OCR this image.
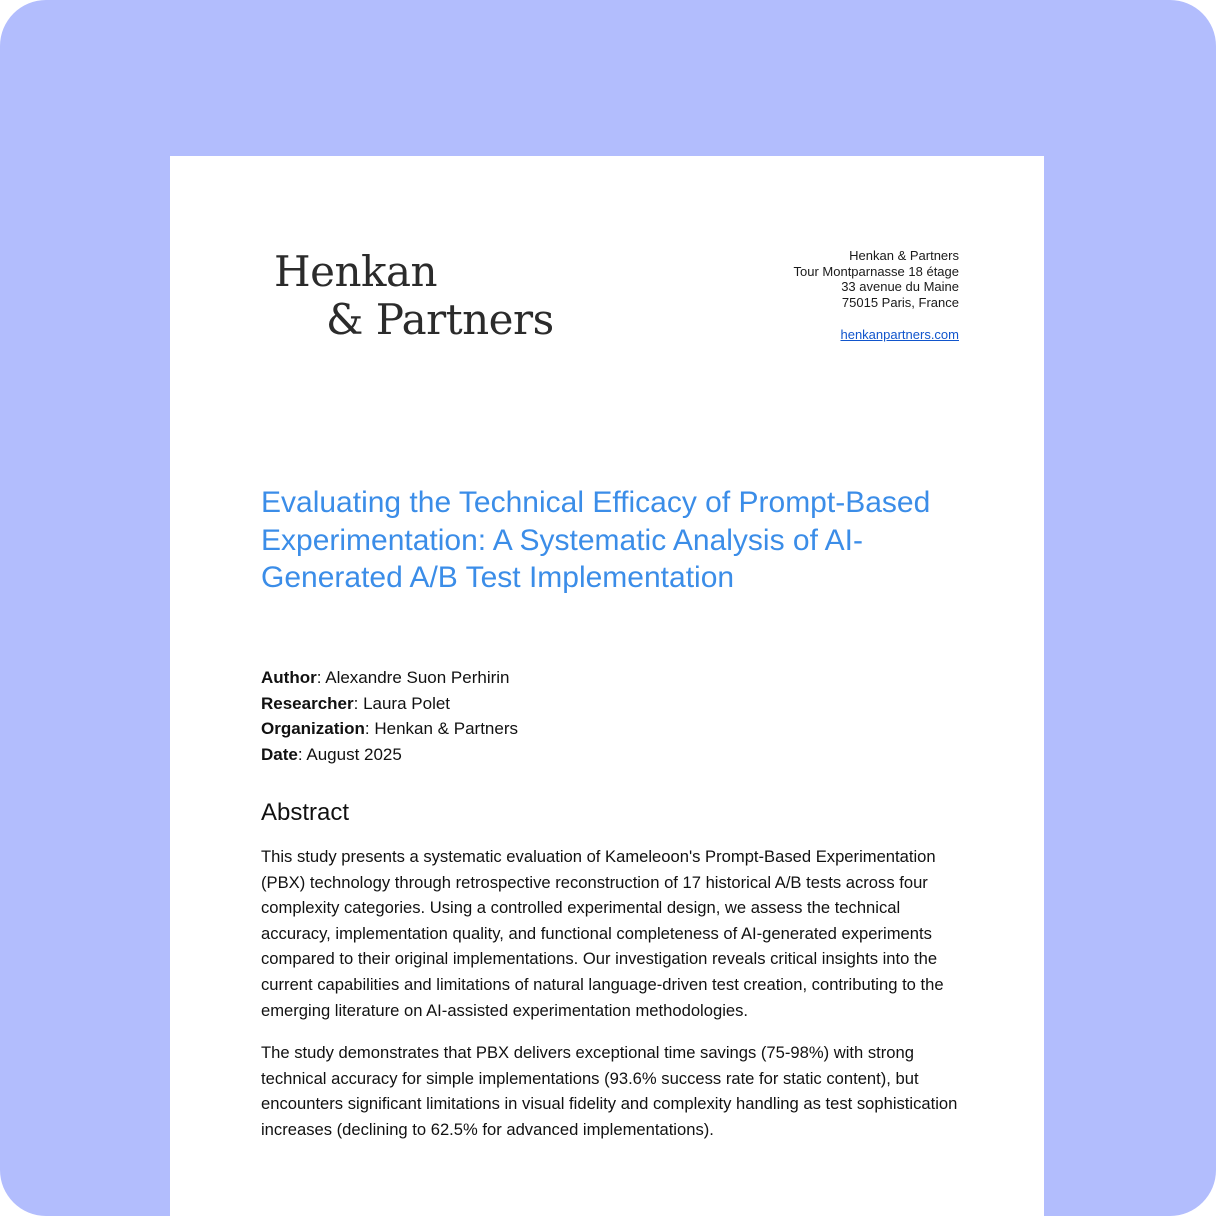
Henkan
& Partners
Henkan & Partners
Tour Montparnasse 18 étage
33 avenue du Maine
75015 Paris, France
henkanpartners.com
Evaluating the Technical Efficacy of Prompt-Based Experimentation: A Systematic Analysis of AI-Generated A/B Test Implementation
Author: Alexandre Suon Perhirin
Researcher: Laura Polet
Organization: Henkan & Partners
Date: August 2025
Abstract

This study presents a systematic evaluation of Kameleoon's Prompt-Based Experimentation (PBX) technology through retrospective reconstruction of 17 historical A/B tests across four complexity categories. Using a controlled experimental design, we assess the technical accuracy, implementation quality, and functional completeness of AI-generated experiments compared to their original implementations. Our investigation reveals critical insights into the current capabilities and limitations of natural language-driven test creation, contributing to the emerging literature on AI-assisted experimentation methodologies.

The study demonstrates that PBX delivers exceptional time savings (75-98%) with strong technical accuracy for simple implementations (93.6% success rate for static content), but encounters significant limitations in visual fidelity and complexity handling as test sophistication increases (declining to 62.5% for advanced implementations).
